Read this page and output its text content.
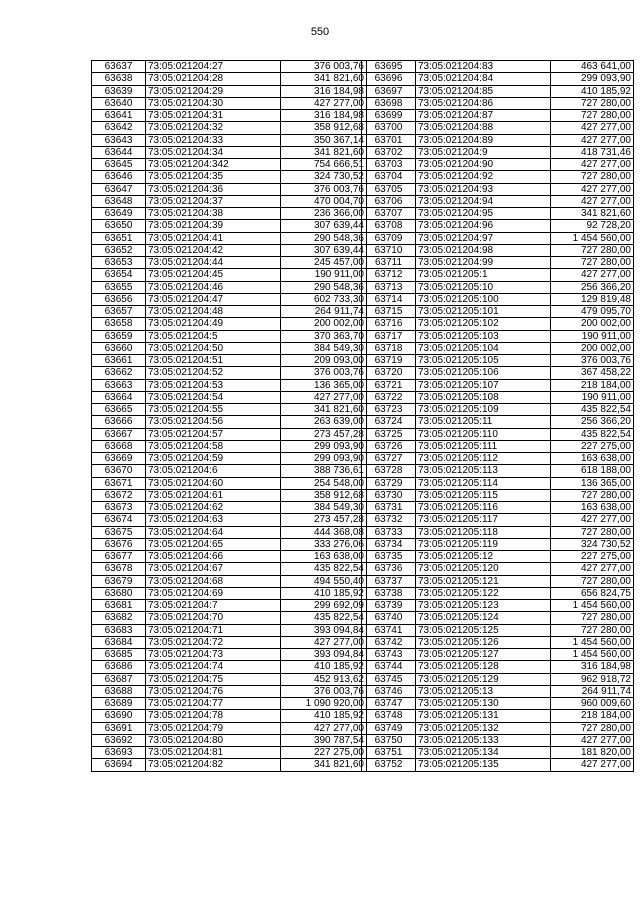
550
63637	73:05:021204:27	376 003,76
63638	73:05:021204:28	341 821,60
63639	73:05:021204:29	316 184,98
63640	73:05:021204:30	427 277,00
63641	73:05:021204:31	316 184,98
63642	73:05:021204:32	358 912,68
63643	73:05:021204:33	350 367,14
63644	73:05:021204:34	341 821,60
63645	73:05:021204:342	754 666,51
63646	73:05:021204:35	324 730,52
63647	73:05:021204:36	376 003,76
63648	73:05:021204:37	470 004,70
63649	73:05:021204:38	236 366,00
63650	73:05:021204:39	307 639,44
63651	73:05:021204:41	290 548,36
63652	73:05:021204:42	307 639,44
63653	73:05:021204:44	245 457,00
63654	73:05:021204:45	190 911,00
63655	73:05:021204:46	290 548,36
63656	73:05:021204:47	602 733,30
63657	73:05:021204:48	264 911,74
63658	73:05:021204:49	200 002,00
63659	73:05:021204:5	370 363,70
63660	73:05:021204:50	384 549,30
63661	73:05:021204:51	209 093,00
63662	73:05:021204:52	376 003,76
63663	73:05:021204:53	136 365,00
63664	73:05:021204:54	427 277,00
63665	73:05:021204:55	341 821,60
63666	73:05:021204:56	263 639,00
63667	73:05:021204:57	273 457,28
63668	73:05:021204:58	299 093,90
63669	73:05:021204:59	299 093,90
63670	73:05:021204:6	388 736,61
63671	73:05:021204:60	254 548,00
63672	73:05:021204:61	358 912,68
63673	73:05:021204:62	384 549,30
63674	73:05:021204:63	273 457,28
63675	73:05:021204:64	444 368,08
63676	73:05:021204:65	333 276,06
63677	73:05:021204:66	163 638,00
63678	73:05:021204:67	435 822,54
63679	73:05:021204:68	494 550,40
63680	73:05:021204:69	410 185,92
63681	73:05:021204:7	299 692,09
63682	73:05:021204:70	435 822,54
63683	73:05:021204:71	393 094,84
63684	73:05:021204:72	427 277,00
63685	73:05:021204:73	393 094,84
63686	73:05:021204:74	410 185,92
63687	73:05:021204:75	452 913,62
63688	73:05:021204:76	376 003,76
63689	73:05:021204:77	1 090 920,00
63690	73:05:021204:78	410 185,92
63691	73:05:021204:79	427 277,00
63692	73:05:021204:80	390 787,54
63693	73:05:021204:81	227 275,00
63694	73:05:021204:82	341 821,60
63695	73:05:021204:83	463 641,00
63696	73:05:021204:84	299 093,90
63697	73:05:021204:85	410 185,92
63698	73:05:021204:86	727 280,00
63699	73:05:021204:87	727 280,00
63700	73:05:021204:88	427 277,00
63701	73:05:021204:89	427 277,00
63702	73:05:021204:9	418 731,46
63703	73:05:021204:90	427 277,00
63704	73:05:021204:92	727 280,00
63705	73:05:021204:93	427 277,00
63706	73:05:021204:94	427 277,00
63707	73:05:021204:95	341 821,60
63708	73:05:021204:96	92 728,20
63709	73:05:021204:97	1 454 560,00
63710	73:05:021204:98	727 280,00
63711	73:05:021204:99	727 280,00
63712	73:05:021205:1	427 277,00
63713	73:05:021205:10	256 366,20
63714	73:05:021205:100	129 819,48
63715	73:05:021205:101	479 095,70
63716	73:05:021205:102	200 002,00
63717	73:05:021205:103	190 911,00
63718	73:05:021205:104	200 002,00
63719	73:05:021205:105	376 003,76
63720	73:05:021205:106	367 458,22
63721	73:05:021205:107	218 184,00
63722	73:05:021205:108	190 911,00
63723	73:05:021205:109	435 822,54
63724	73:05:021205:11	256 366,20
63725	73:05:021205:110	435 822,54
63726	73:05:021205:111	227 275,00
63727	73:05:021205:112	163 638,00
63728	73:05:021205:113	618 188,00
63729	73:05:021205:114	136 365,00
63730	73:05:021205:115	727 280,00
63731	73:05:021205:116	163 638,00
63732	73:05:021205:117	427 277,00
63733	73:05:021205:118	727 280,00
63734	73:05:021205:119	324 730,52
63735	73:05:021205:12	227 275,00
63736	73:05:021205:120	427 277,00
63737	73:05:021205:121	727 280,00
63738	73:05:021205:122	656 824,75
63739	73:05:021205:123	1 454 560,00
63740	73:05:021205:124	727 280,00
63741	73:05:021205:125	727 280,00
63742	73:05:021205:126	1 454 560,00
63743	73:05:021205:127	1 454 560,00
63744	73:05:021205:128	316 184,98
63745	73:05:021205:129	962 918,72
63746	73:05:021205:13	264 911,74
63747	73:05:021205:130	960 009,60
63748	73:05:021205:131	218 184,00
63749	73:05:021205:132	727 280,00
63750	73:05:021205:133	427 277,00
63751	73:05:021205:134	181 820,00
63752	73:05:021205:135	427 277,00
